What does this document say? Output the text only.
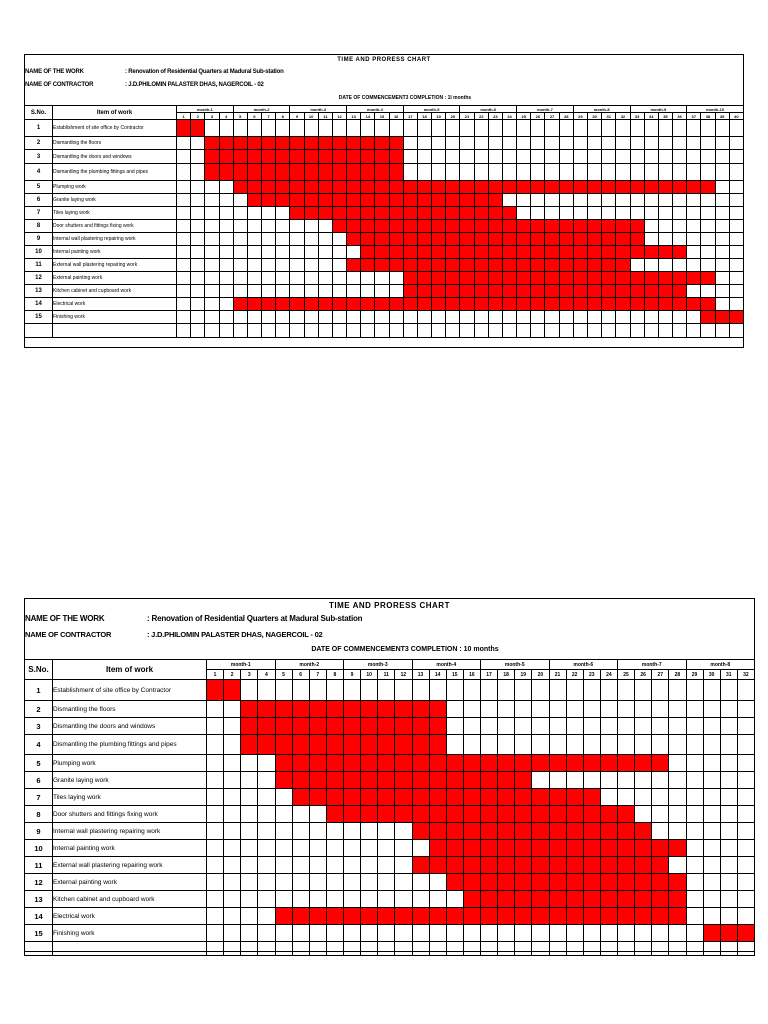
TIME AND PRORESS CHART
NAME OF THE WORK	: Renovation of Residential Quarters at Madural Sub-station
NAME OF CONTRACTOR	: J.D.PHILOMIN PALASTER DHAS, NAGERCOIL - 02
DATE OF COMMENCEMENT3 COMPLETION : 1l months
S.No.	Item of work	month-1				month-2				month-3				month-4				month-5				month-6				month-7				month-8				month-9				month-10			
		1	2	3	4	5	6	7	8	9	10	11	12	13	14	15	16	17	18	19	20	21	22	23	24	25	26	27	28	29	30	31	32	33	34	35	36	37	38	39	40
1	Establishment of site office by Contractor																																								
2	Dismantling the floors																																								
3	Dismantling the doors and windows																																								
4	Dismantling the plumbing fittings and pipes																																								
5	Plumping work																																								
6	Granite laying work																																								
7	Tiles laying work																																								
8	Door shutters and fittings fixing work																																								
9	Internal wall plastering repairing work																																								
10	Internal painting work																																								
11	External wall plastering repairing work																																								
12	External painting work																																								
13	Kitchen cabinet and cupboard work																																								
14	Electrical work																																								
15	Finishing work																																								

TIME AND PRORESS CHART
NAME OF THE WORK	: Renovation of Residential Quarters at Madural Sub-station
NAME OF CONTRACTOR	: J.D.PHILOMIN PALASTER DHAS, NAGERCOIL - 02
DATE OF COMMENCEMENT3 COMPLETION : 10 months
S.No.	Item of work	month-1				month-2				month-3				month-4				month-5				month-6				month-7				month-8			
		1	2	3	4	5	6	7	8	9	10	11	12	13	14	15	16	17	18	19	20	21	22	23	24	25	26	27	28	29	30	31	32
1	Establishment of site office by Contractor																																
2	Dismantling the floors																																
3	Dismantling the doors and windows																																
4	Dismantling the plumbing fittings and pipes																																
5	Plumping work																																
6	Granite laying work																																
7	Tiles laying work																																
8	Door shutters and fittings fixing work																																
9	Internal wall plastering repairing work																																
10	Internal painting work																																
11	External wall plastering repairing work																																
12	External painting work																																
13	Kitchen cabinet and cupboard work																																
14	Electrical work																																
15	Finishing work																																
